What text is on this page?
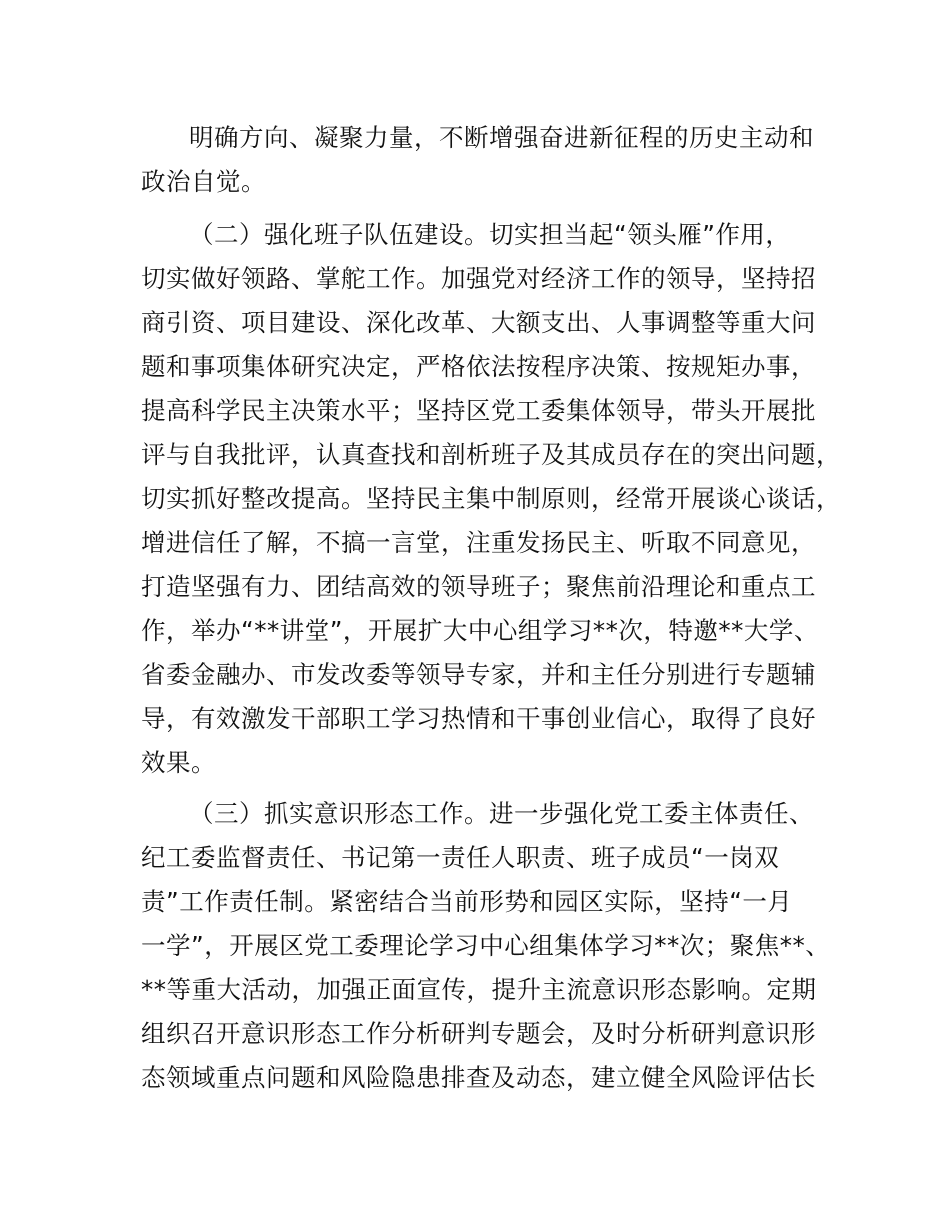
明确方向、凝聚力量，不断增强奋进新征程的历史主动和
政治自觉。
（二）强化班子队伍建设。切实担当起“领头雁”作用，
切实做好领路、掌舵工作。加强党对经济工作的领导，坚持招
商引资、项目建设、深化改革、大额支出、人事调整等重大问
题和事项集体研究决定，严格依法按程序决策、按规矩办事，
提高科学民主决策水平；坚持区党工委集体领导，带头开展批
评与自我批评，认真查找和剖析班子及其成员存在的突出问题，
切实抓好整改提高。坚持民主集中制原则，经常开展谈心谈话，
增进信任了解，不搞一言堂，注重发扬民主、听取不同意见，
打造坚强有力、团结高效的领导班子；聚焦前沿理论和重点工
作，举办“**讲堂”，开展扩大中心组学习**次，特邀**大学、
省委金融办、市发改委等领导专家，并和主任分别进行专题辅
导，有效激发干部职工学习热情和干事创业信心，取得了良好
效果。
（三）抓实意识形态工作。进一步强化党工委主体责任、
纪工委监督责任、书记第一责任人职责、班子成员“一岗双
责”工作责任制。紧密结合当前形势和园区实际，坚持“一月
一学”，开展区党工委理论学习中心组集体学习**次；聚焦**、
**等重大活动，加强正面宣传，提升主流意识形态影响。定期
组织召开意识形态工作分析研判专题会，及时分析研判意识形
态领域重点问题和风险隐患排查及动态，建立健全风险评估长
